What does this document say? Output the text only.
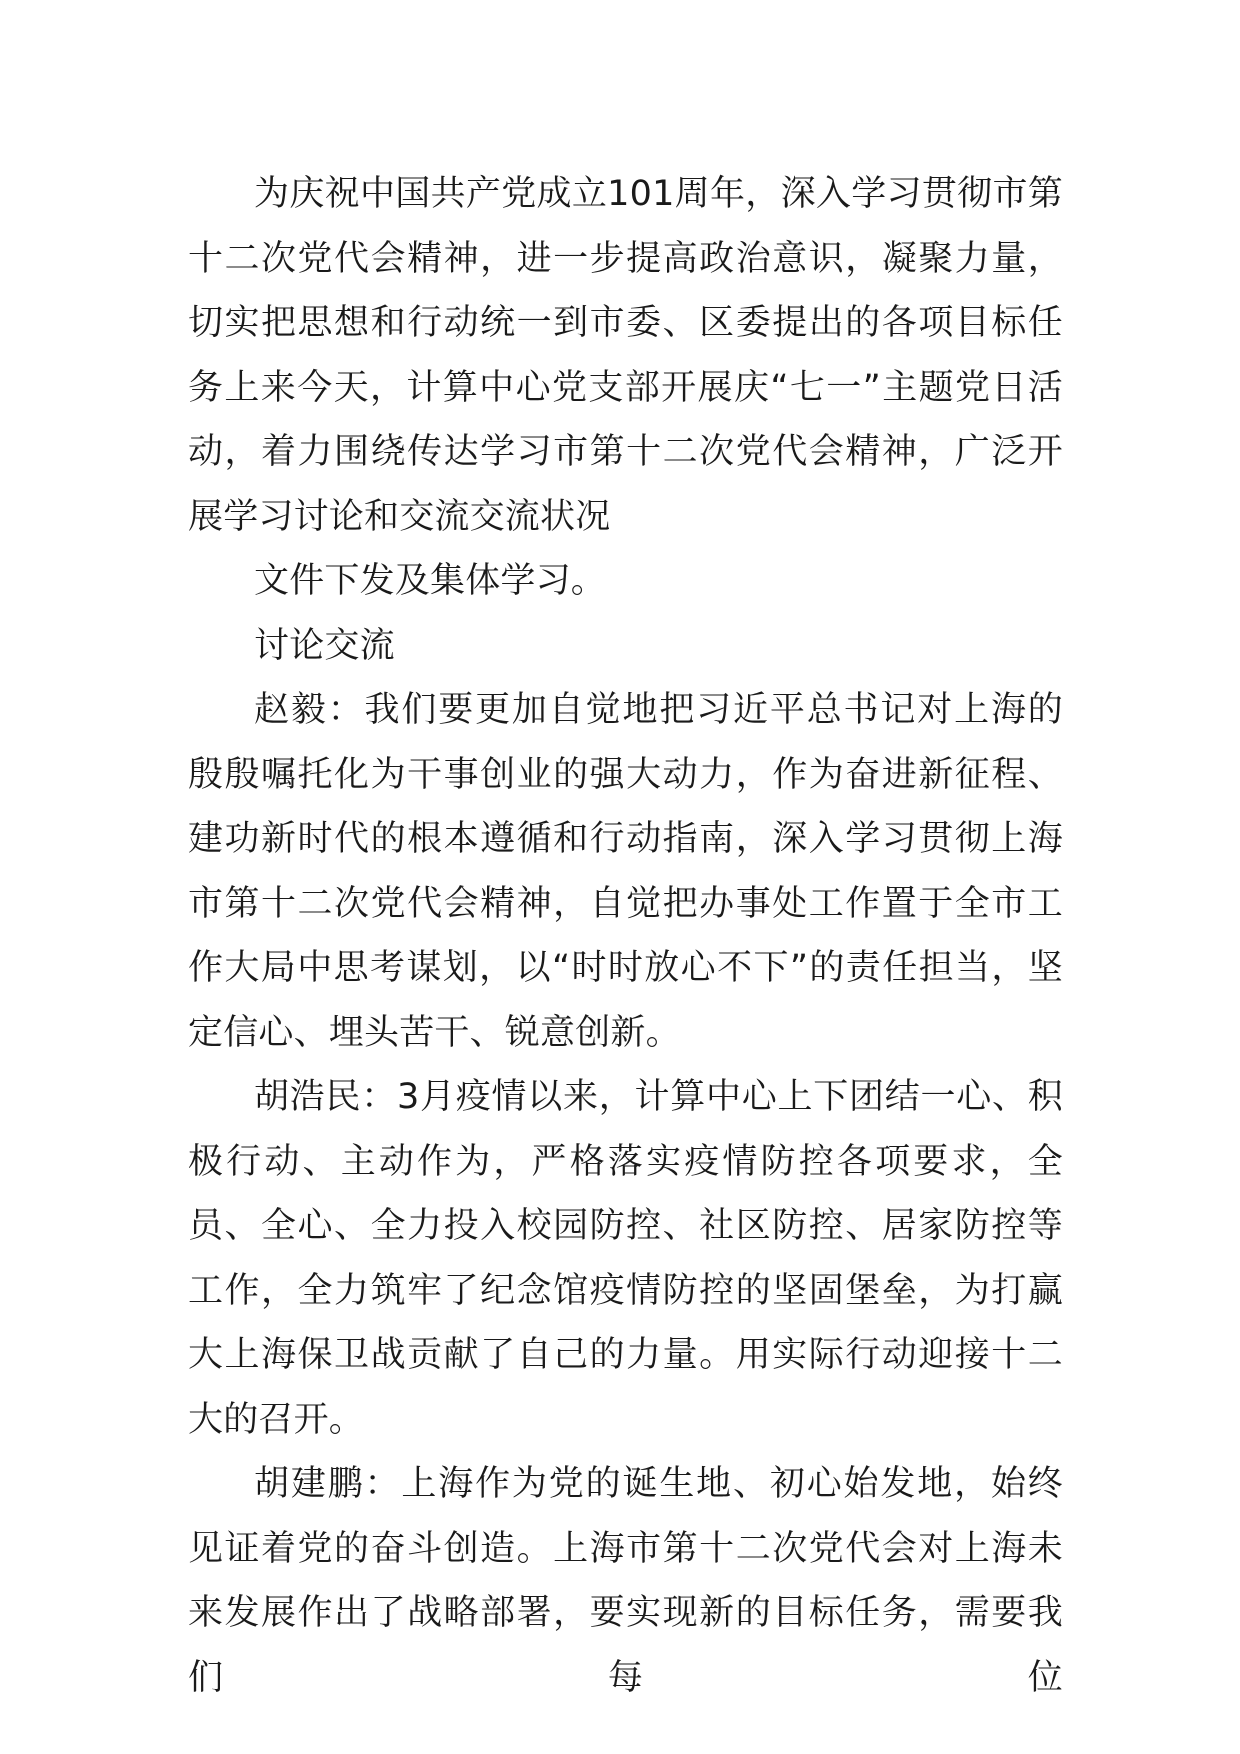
为庆祝中国共产党成立101周年，深入学习贯彻市第十二次党代会精神，进一步提高政治意识，凝聚力量，切实把思想和行动统一到市委、区委提出的各项目标任务上来今天，计算中心党支部开展庆“七一”主题党日活动，着力围绕传达学习市第十二次党代会精神，广泛开展学习讨论和交流交流状况

文件下发及集体学习。

讨论交流

赵毅：我们要更加自觉地把习近平总书记对上海的殷殷嘱托化为干事创业的强大动力，作为奋进新征程、建功新时代的根本遵循和行动指南，深入学习贯彻上海市第十二次党代会精神，自觉把办事处工作置于全市工作大局中思考谋划，以“时时放心不下”的责任担当，坚定信心、埋头苦干、锐意创新。

胡浩民：3月疫情以来，计算中心上下团结一心、积极行动、主动作为，严格落实疫情防控各项要求，全员、全心、全力投入校园防控、社区防控、居家防控等工作，全力筑牢了纪念馆疫情防控的坚固堡垒，为打赢大上海保卫战贡献了自己的力量。用实际行动迎接十二大的召开。

胡建鹏：上海作为党的诞生地、初心始发地，始终见证着党的奋斗创造。上海市第十二次党代会对上海未来发展作出了战略部署，要实现新的目标任务，需要我们每位
